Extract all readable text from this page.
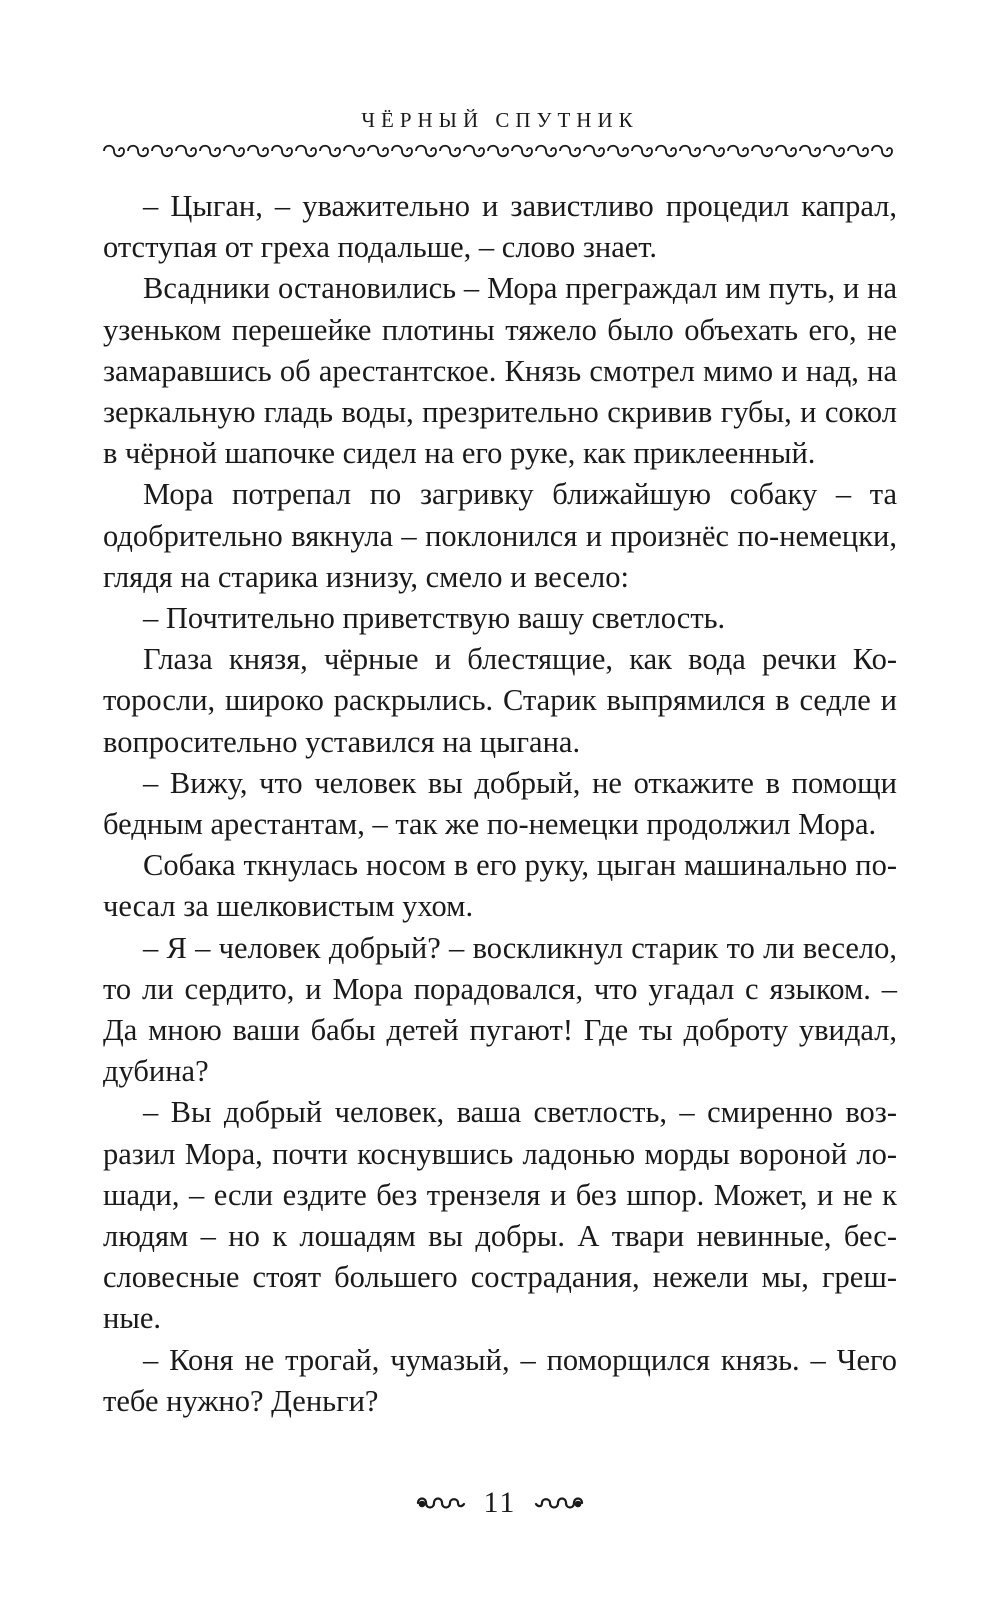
ЧЁРНЫЙ СПУТНИК

– Цыган, – уважительно и завистливо процедил капрал, отступая от греха подальше, – слово знает.

Всадники остановились – Мора преграждал им путь, и на узеньком перешейке плотины тяжело было объехать его, не замаравшись об арестантское. Князь смотрел мимо и над, на зеркальную гладь воды, презрительно скривив губы, и сокол в чёрной шапочке сидел на его руке, как приклеенный.

Мора потрепал по загривку ближайшую собаку – та одобрительно вякнула – поклонился и произнёс по-немецки, глядя на старика изнизу, смело и весело:

– Почтительно приветствую вашу светлость.

Глаза князя, чёрные и блестящие, как вода речки Которосли, широко раскрылись. Старик выпрямился в седле и вопросительно уставился на цыгана.

– Вижу, что человек вы добрый, не откажите в помощи бедным арестантам, – так же по-немецки продолжил Мора.

Собака ткнулась носом в его руку, цыган машинально почесал за шелковистым ухом.

– Я – человек добрый? – воскликнул старик то ли весело, то ли сердито, и Мора порадовался, что угадал с языком. – Да мною ваши бабы детей пугают! Где ты доброту увидал, дубина?

– Вы добрый человек, ваша светлость, – смиренно возразил Мора, почти коснувшись ладонью морды вороной лошади, – если ездите без трензеля и без шпор. Может, и не к людям – но к лошадям вы добры. А твари невинные, бессловесные стоят большего сострадания, нежели мы, грешные.

– Коня не трогай, чумазый, – поморщился князь. – Чего тебе нужно? Деньги?

11
